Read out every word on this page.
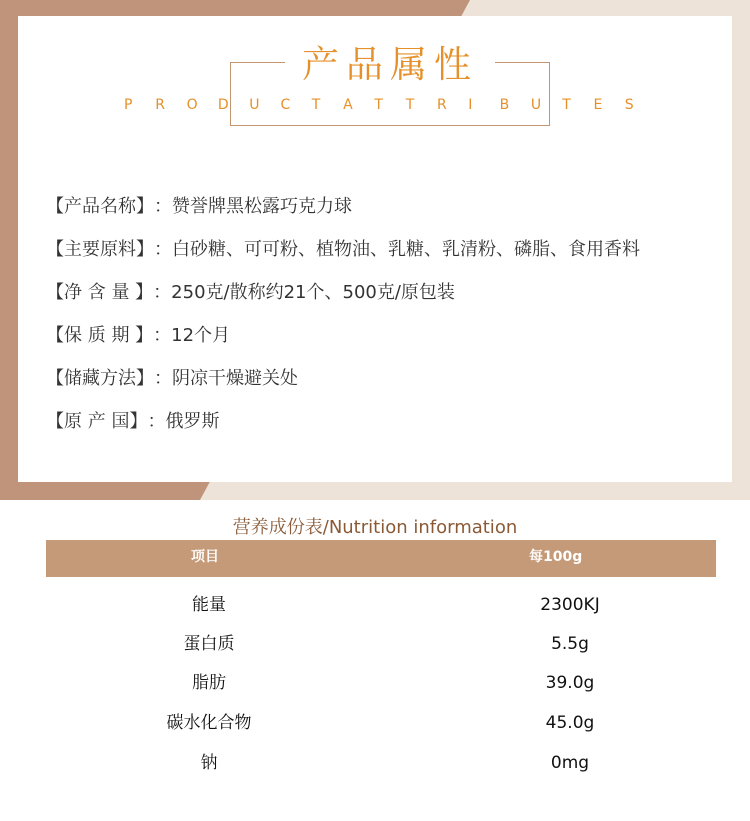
产品属性
P R O D U C T A T T R I B U T E S
【产品名称】：赞誉牌黑松露巧克力球
【主要原料】：白砂糖、可可粉、植物油、乳糖、乳清粉、磷脂、食用香料
【净 含 量 】：250克/散称约21个、500克/原包装
【保 质 期 】：12个月
【储藏方法】：阴凉干燥避关处
【原 产 国】：俄罗斯
营养成份表/Nutrition information
项目	每100g
能量	2300KJ
蛋白质	5.5g
脂肪	39.0g
碳水化合物	45.0g
钠	0mg
